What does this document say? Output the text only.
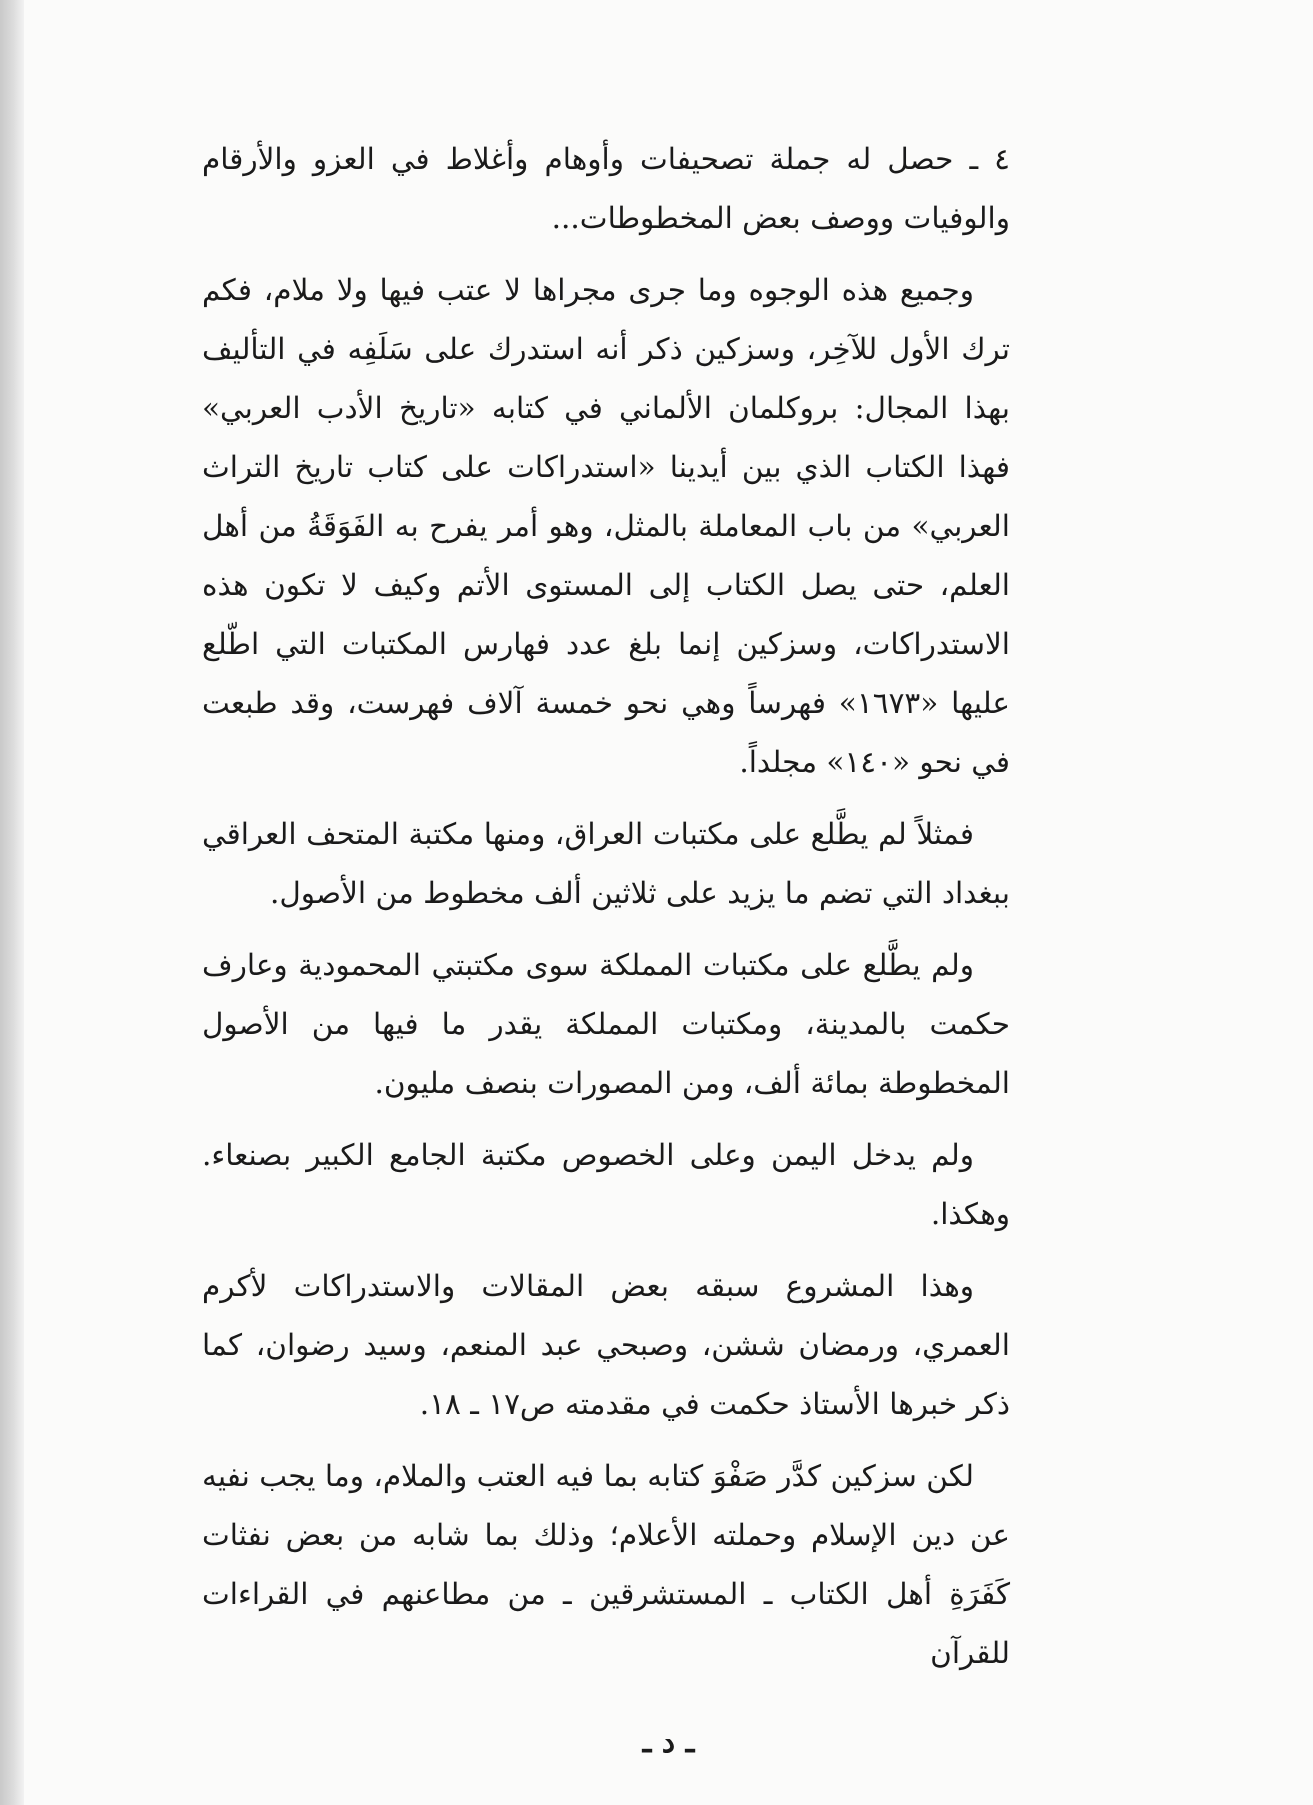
٤ ـ حصل له جملة تصحيفات وأوهام وأغلاط في العزو والأرقام والوفيات ووصف بعض المخطوطات...

وجميع هذه الوجوه وما جرى مجراها لا عتب فيها ولا ملام، فكم ترك الأول للآخِر، وسزكين ذكر أنه استدرك على سَلَفِه في التأليف بهذا المجال: بروكلمان الألماني في كتابه «تاريخ الأدب العربي» فهذا الكتاب الذي بين أيدينا «استدراكات على كتاب تاريخ التراث العربي» من باب المعاملة بالمثل، وهو أمر يفرح به الفَوَقَةُ من أهل العلم، حتى يصل الكتاب إلى المستوى الأتم وكيف لا تكون هذه الاستدراكات، وسزكين إنما بلغ عدد فهارس المكتبات التي اطّلع عليها «١٦٧٣» فهرساً وهي نحو خمسة آلاف فهرست، وقد طبعت في نحو «١٤٠» مجلداً.

فمثلاً لم يطَّلع على مكتبات العراق، ومنها مكتبة المتحف العراقي ببغداد التي تضم ما يزيد على ثلاثين ألف مخطوط من الأصول.

ولم يطَّلع على مكتبات المملكة سوى مكتبتي المحمودية وعارف حكمت بالمدينة، ومكتبات المملكة يقدر ما فيها من الأصول المخطوطة بمائة ألف، ومن المصورات بنصف مليون.

ولم يدخل اليمن وعلى الخصوص مكتبة الجامع الكبير بصنعاء. وهكذا.

وهذا المشروع سبقه بعض المقالات والاستدراكات لأكرم العمري، ورمضان ششن، وصبحي عبد المنعم، وسيد رضوان، كما ذكر خبرها الأستاذ حكمت في مقدمته ص١٧ ـ ١٨.

لكن سزكين كدَّر صَفْوَ كتابه بما فيه العتب والملام، وما يجب نفيه عن دين الإسلام وحملته الأعلام؛ وذلك بما شابه من بعض نفثات كَفَرَةِ أهل الكتاب ـ المستشرقين ـ من مطاعنهم في القراءات للقرآن

ـ د ـ
